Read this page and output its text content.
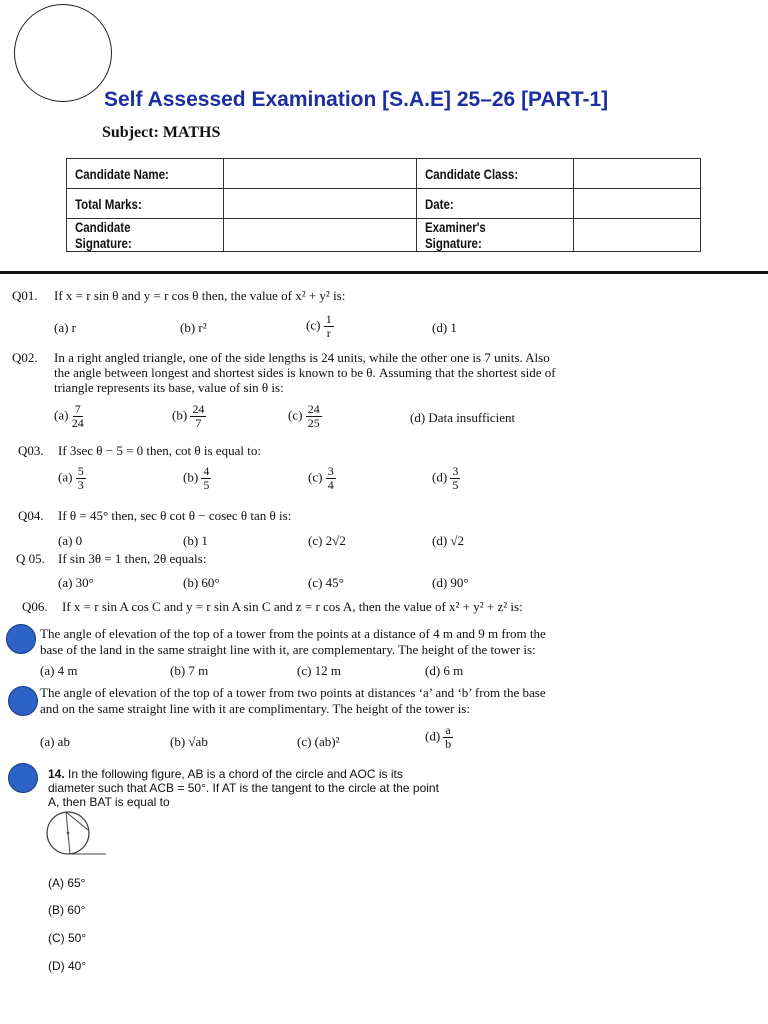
Self Assessed Examination [S.A.E] 25–26 [PART-1]
Subject: MATHS
Candidate Name:		Candidate Class:	
Total Marks:		Date:	
Candidate Signature:		Examiner's Signature:	
Q01. If x = r sin θ and y = r cos θ then, the value of x² + y² is:
(a) r	(b) r²	$(c) \frac{1}{r}$	(d) 1
Q02. In a right angled triangle, one of the side lengths is 24 units, while the other one is 7 units. Also
the angle between longest and shortest sides is known to be θ. Assuming that the shortest side of
triangle represents its base, value of sin θ is:
$(a) \frac{7}{24}$	$(b) \frac{24}{7}$	$(c) \frac{24}{25}$	(d) Data insufficient
Q03. If 3sec θ − 5 = 0 then, cot θ is equal to:
$(a) \frac{5}{3}$	$(b) \frac{4}{5}$	$(c) \frac{3}{4}$	$(d) \frac{3}{5}$
Q04. If θ = 45° then, sec θ cot θ − cosec θ tan θ is:
(a) 0	(b) 1	(c) 2√2	(d) √2
Q 05. If sin 3θ = 1 then, 2θ equals:
(a) 30°	(b) 60°	(c) 45°	(d) 90°
Q06. If x = r sin A cos C and y = r sin A sin C and z = r cos A, then the value of x² + y² + z² is:
The angle of elevation of the top of a tower from the points at a distance of 4 m and 9 m from the
base of the land in the same straight line with it, are complementary. The height of the tower is:
(a) 4 m	(b) 7 m	(c) 12 m	(d) 6 m
The angle of elevation of the top of a tower from two points at distances ‘a’ and ‘b’ from the base
and on the same straight line with it are complimentary. The height of the tower is:
(a) ab	(b) √ab	(c) (ab)²	$(d) \frac{a}{b}$
14. In the following figure, AB is a chord of the circle and AOC is its
diameter such that ACB = 50°. If AT is the tangent to the circle at the point
A, then BAT is equal to
(A) 65°
(B) 60°
(C) 50°
(D) 40°
